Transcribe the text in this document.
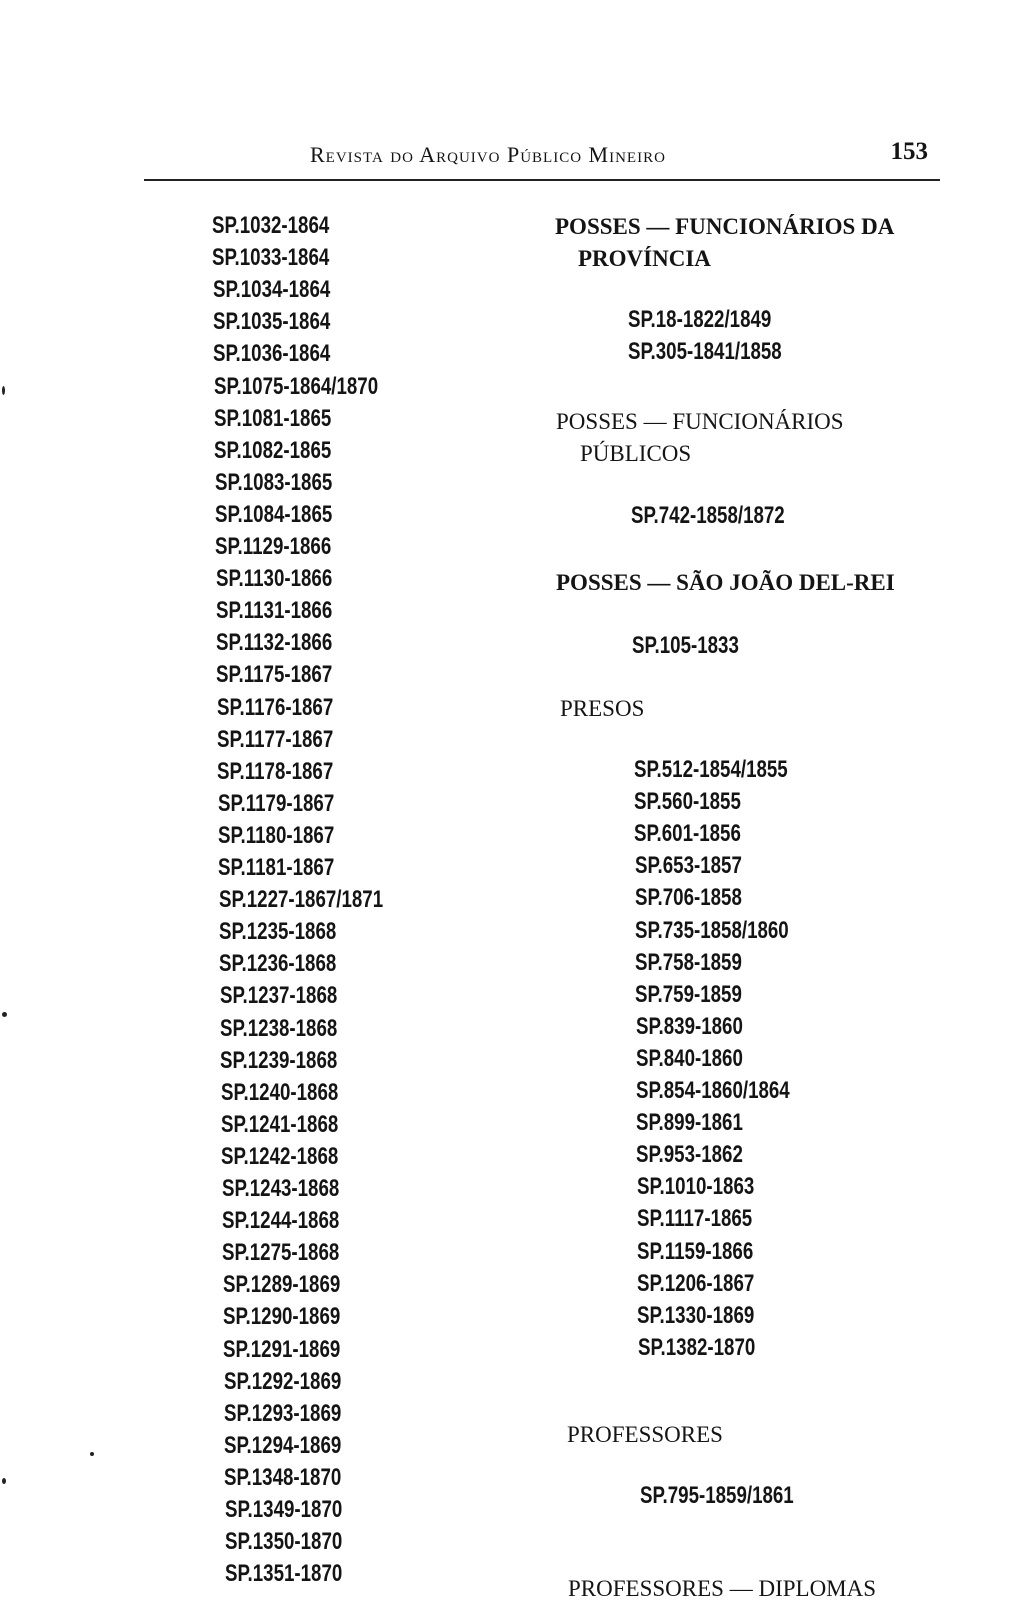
Revista do Arquivo Público Mineiro	153
SP.1032-1864
SP.1033-1864
SP.1034-1864
SP.1035-1864
SP.1036-1864
SP.1075-1864/1870
SP.1081-1865
SP.1082-1865
SP.1083-1865
SP.1084-1865
SP.1129-1866
SP.1130-1866
SP.1131-1866
SP.1132-1866
SP.1175-1867
SP.1176-1867
SP.1177-1867
SP.1178-1867
SP.1179-1867
SP.1180-1867
SP.1181-1867
SP.1227-1867/1871
SP.1235-1868
SP.1236-1868
SP.1237-1868
SP.1238-1868
SP.1239-1868
SP.1240-1868
SP.1241-1868
SP.1242-1868
SP.1243-1868
SP.1244-1868
SP.1275-1868
SP.1289-1869
SP.1290-1869
SP.1291-1869
SP.1292-1869
SP.1293-1869
SP.1294-1869
SP.1348-1870
SP.1349-1870
SP.1350-1870
SP.1351-1870
POSSES — FUNCIONÁRIOS DA
PROVÍNCIA
SP.18-1822/1849
SP.305-1841/1858
POSSES — FUNCIONÁRIOS
PÚBLICOS
SP.742-1858/1872
POSSES — SÃO JOÃO DEL-REI
SP.105-1833
PRESOS
SP.512-1854/1855
SP.560-1855
SP.601-1856
SP.653-1857
SP.706-1858
SP.735-1858/1860
SP.758-1859
SP.759-1859
SP.839-1860
SP.840-1860
SP.854-1860/1864
SP.899-1861
SP.953-1862
SP.1010-1863
SP.1117-1865
SP.1159-1866
SP.1206-1867
SP.1330-1869
SP.1382-1870
PROFESSORES
SP.795-1859/1861
PROFESSORES — DIPLOMAS
